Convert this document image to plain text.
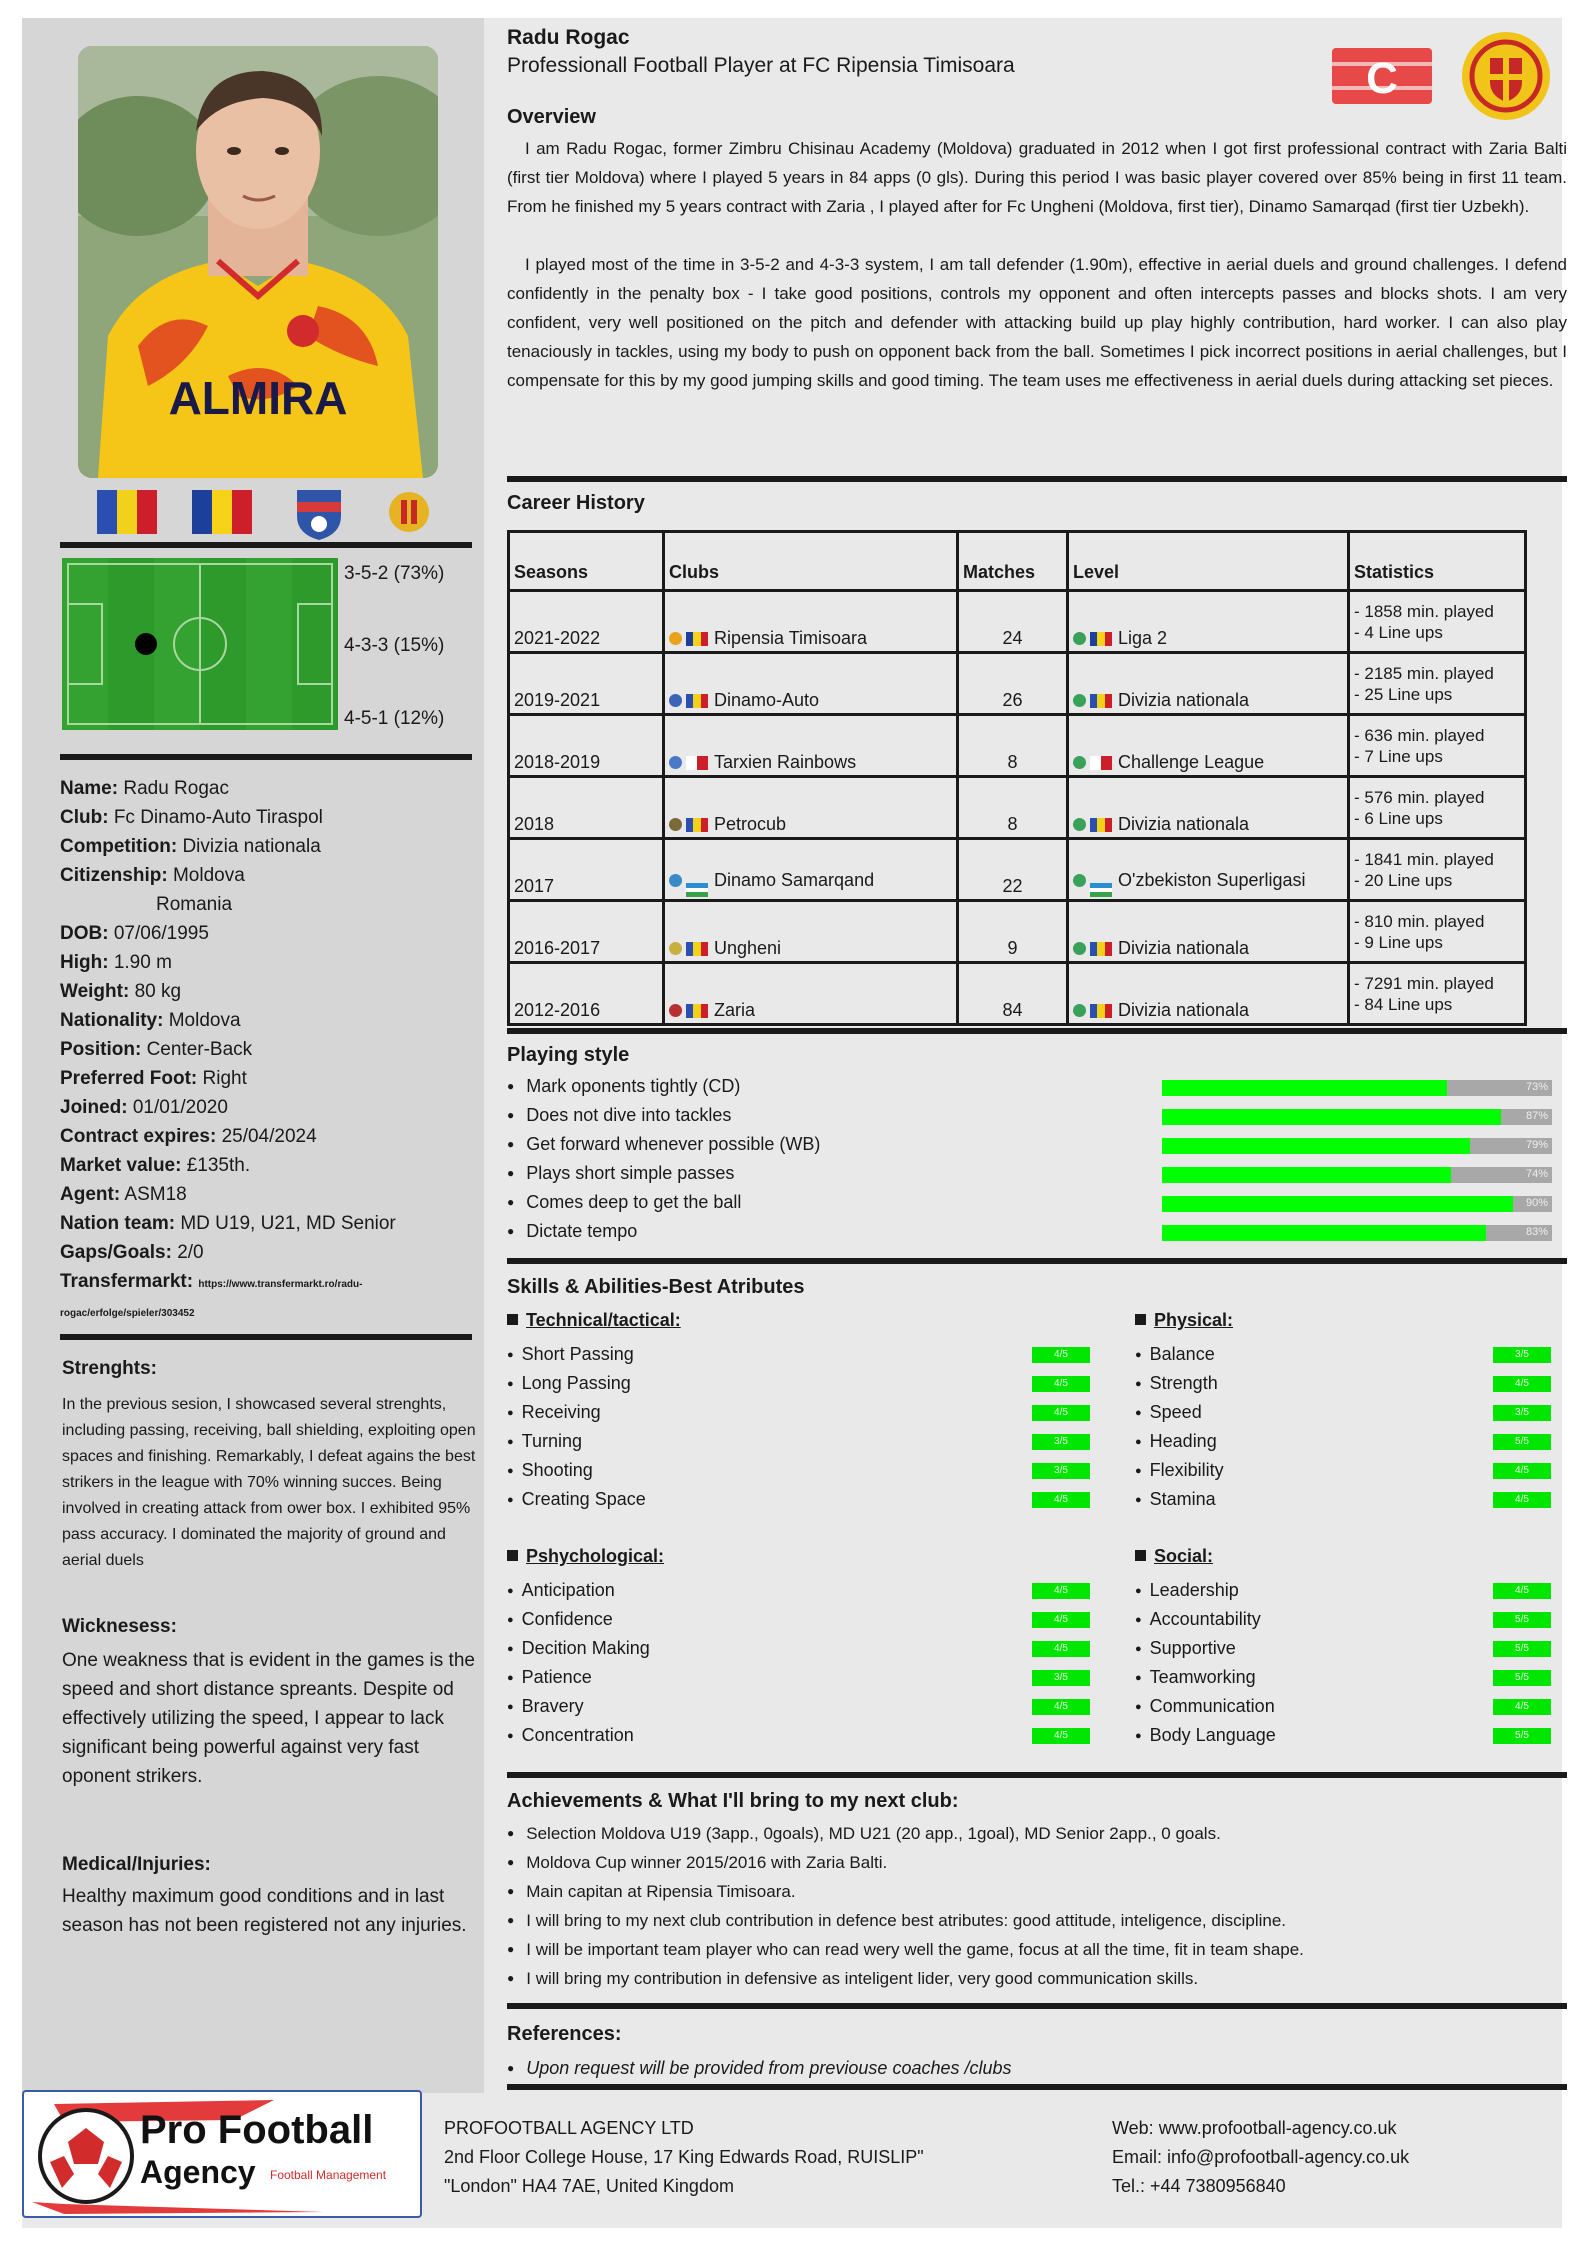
ALMIRA
3-5-2 (73%)
4-3-3 (15%)
4-5-1 (12%)
Name: Radu Rogac
Club: Fc Dinamo-Auto Tiraspol
Competition: Divizia nationala
Citizenship: Moldova
Romania
DOB: 07/06/1995
High: 1.90 m
Weight: 80 kg
Nationality: Moldova
Position: Center-Back
Preferred Foot: Right
Joined: 01/01/2020
Contract expires: 25/04/2024
Market value: £135th.
Agent: ASM18
Nation team: MD U19, U21, MD Senior
Gaps/Goals: 2/0
Transfermarkt: https://www.transfermarkt.ro/radu-rogac/erfolge/spieler/303452
Strenghts:
In the previous sesion, I showcased several strenghts, including passing, receiving, ball shielding, exploiting open spaces and finishing. Remarkably, I defeat agains the best strikers in the league with 70% winning succes. Being involved in creating attack from ower box. I exhibited 95% pass accuracy. I dominated the majority of ground and aerial duels
Wicknesess:
One weakness that is evident in the games is the speed and short distance spreants. Despite od effectively utilizing the speed, I appear to lack significant being powerful against very fast oponent strikers.
Medical/Injuries:
Healthy maximum good conditions and in last season has not been registered not any injuries.
Radu Rogac
Professionall Football Player at FC Ripensia Timisoara	C
Overview
I am Radu Rogac, former Zimbru Chisinau Academy (Moldova) graduated in 2012 when I got first professional contract with Zaria Balti (first tier Moldova) where I played 5 years in 84 apps (0 gls). During this period I was basic player covered over 85% being in first 11 team. From he finished my 5 years contract with Zaria , I played after for Fc Ungheni (Moldova, first tier), Dinamo Samarqad (first tier Uzbekh).
I played most of the time in 3-5-2 and 4-3-3 system, I am tall defender (1.90m), effective in aerial duels and ground challenges. I defend confidently in the penalty box - I take good positions, controls my opponent and often intercepts passes and blocks shots. I am very confident, very well positioned on the pitch and defender with attacking build up play highly contribution, hard worker. I can also play tenaciously in tackles, using my body to push on opponent back from the ball. Sometimes I pick incorrect positions in aerial challenges, but I compensate for this by my good jumping skills and good timing. The team uses me effectiveness in aerial duels during attacking set pieces.
Career History
Seasons	Clubs	Matches	Level	Statistics
2021-2022	Ripensia Timisoara	24	Liga 2	- 1858 min. played
- 4 Line ups

2019-2021	Dinamo-Auto	26	Divizia nationala	- 2185 min. played
- 25 Line ups

2018-2019	Tarxien Rainbows	8	Challenge League	- 636 min. played
- 7 Line ups

2018	Petrocub	8	Divizia nationala	- 576 min. played
- 6 Line ups

2017	Dinamo Samarqand	22	O'zbekiston Superligasi	- 1841 min. played
- 20 Line ups

2016-2017	Ungheni	9	Divizia nationala	- 810 min. played
- 9 Line ups

2012-2016	Zaria	84	Divizia nationala	- 7291 min. played
- 84 Line ups
Playing style
● Mark oponents tightly (CD)	73%
● Does not dive into tackles	87%
● Get forward whenever possible (WB)	79%
● Plays short simple passes	74%
● Comes deep to get the ball	90%
● Dictate tempo	83%
Skills & Abilities-Best Atributes
Technical/tactical:
● Short Passing	4/5
● Long Passing	4/5
● Receiving	4/5
● Turning	3/5
● Shooting	3/5
● Creating Space	4/5
Physical:
● Balance	3/5
● Strength	4/5
● Speed	3/5
● Heading	5/5
● Flexibility	4/5
● Stamina	4/5
Pshychological:
● Anticipation	4/5
● Confidence	4/5
● Decition Making	4/5
● Patience	3/5
● Bravery	4/5
● Concentration	4/5
Social:
● Leadership	4/5
● Accountability	5/5
● Supportive	5/5
● Teamworking	5/5
● Communication	4/5
● Body Language	5/5
Achievements & What I'll bring to my next club:
● Selection Moldova U19 (3app., 0goals), MD U21 (20 app., 1goal), MD Senior 2app., 0 goals.
● Moldova Cup winner 2015/2016 with Zaria Balti.
● Main capitan at Ripensia Timisoara.
● I will bring to my next club contribution in defence best atributes: good attitude, inteligence, discipline.
● I will be important team player who can read wery well the game, focus at all the time, fit in team shape.
● I will bring my contribution in defensive as inteligent lider, very good communication skills.
References:
● Upon request will be provided from previouse coaches /clubs
Pro Football
Agency Football Management
PROFOOTBALL AGENCY LTD
2nd Floor College House, 17 King Edwards Road, RUISLIP"
"London" HA4 7AE, United Kingdom
Web: www.profootball-agency.co.uk
Email: info@profootball-agency.co.uk
Tel.: +44 7380956840
